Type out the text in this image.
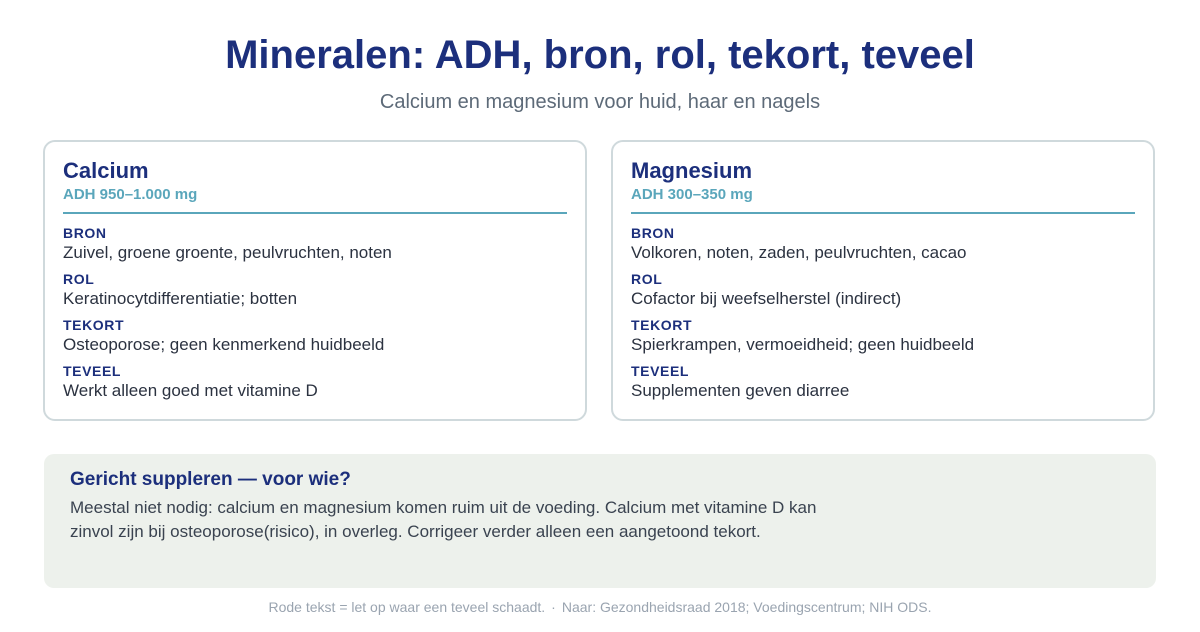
Mineralen: ADH, bron, rol, tekort, teveel
Calcium en magnesium voor huid, haar en nagels
Calcium
ADH 950–1.000 mg
BRON
Zuivel, groene groente, peulvruchten, noten
ROL
Keratinocytdifferentiatie; botten
TEKORT
Osteoporose; geen kenmerkend huidbeeld
TEVEEL
Werkt alleen goed met vitamine D
Magnesium
ADH 300–350 mg
BRON
Volkoren, noten, zaden, peulvruchten, cacao
ROL
Cofactor bij weefselherstel (indirect)
TEKORT
Spierkrampen, vermoeidheid; geen huidbeeld
TEVEEL
Supplementen geven diarree
Gericht suppleren — voor wie?
Meestal niet nodig: calcium en magnesium komen ruim uit de voeding. Calcium met vitamine D kan zinvol zijn bij osteoporose(risico), in overleg. Corrigeer verder alleen een aangetoond tekort.
Rode tekst = let op waar een teveel schaadt. · Naar: Gezondheidsraad 2018; Voedingscentrum; NIH ODS.
